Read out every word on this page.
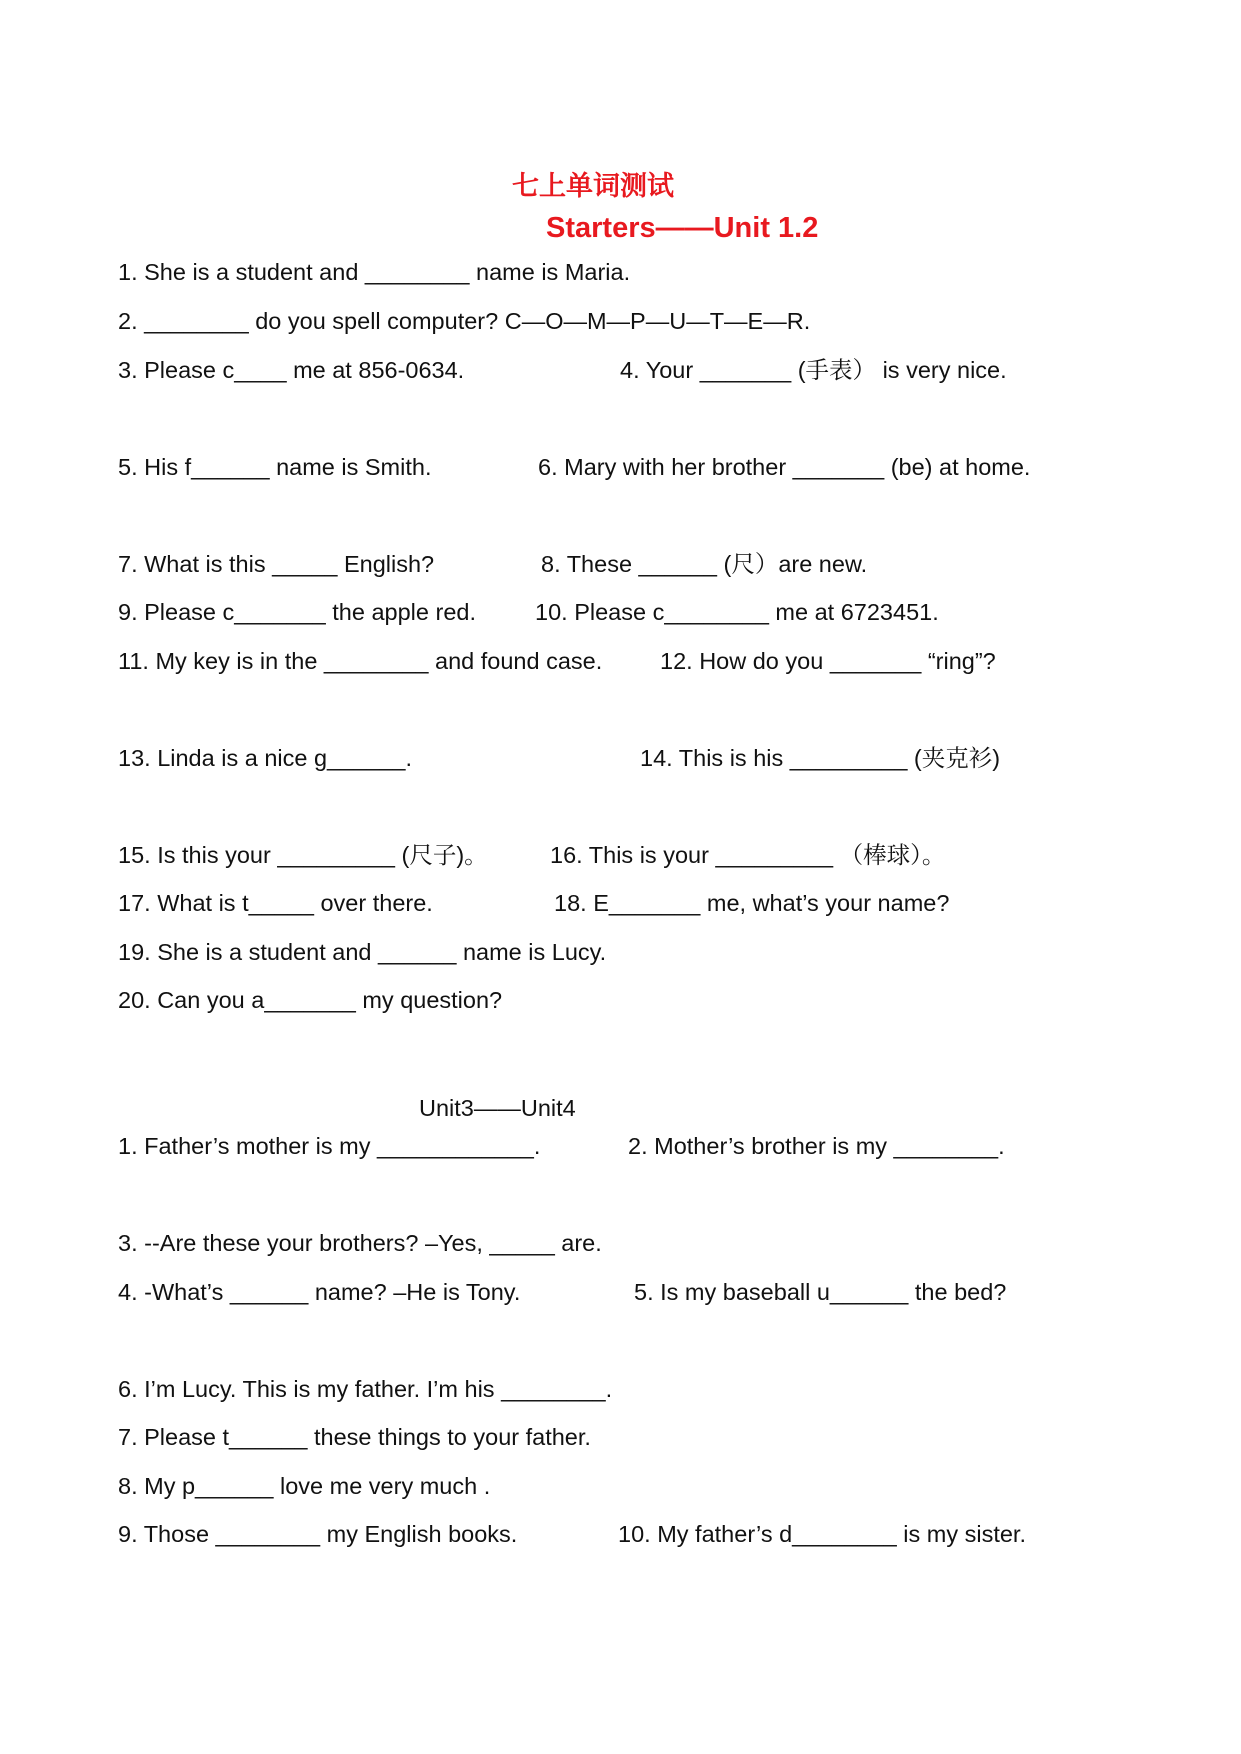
七上单词测试
Starters——Unit 1.2
1. She is a student and ________ name is Maria.
2. ________ do you spell computer? C—O—M—P—U—T—E—R.
3. Please c____ me at 856-0634.	4. Your _______ (手表） is very nice.
5. His f______ name is Smith.	6. Mary with her brother _______ (be) at home.
7. What is this _____ English?	8. These ______ (尺）are new.
9. Please c_______ the apple red.	10. Please c________ me at 6723451.
11. My key is in the ________ and found case. 12. How do you _______ “ring”?
13. Linda is a nice g______.	14. This is his _________ (夹克衫)
15. Is this your _________ (尺子)。	16. This is your _________ （棒球）。
17. What is t_____ over there.	18. E_______ me, what’s your name?
19. She is a student and ______ name is Lucy.
20. Can you a_______ my question?
Unit3——Unit4
1. Father’s mother is my ____________.	2. Mother’s brother is my ________.
3. --Are these your brothers? –Yes, _____ are.
4. -What’s ______ name? –He is Tony.	5. Is my baseball u______ the bed?
6. I’m Lucy. This is my father. I’m his ________.
7. Please t______ these things to your father.
8. My p______ love me very much .
9. Those ________ my English books.	10. My father’s d________ is my sister.
